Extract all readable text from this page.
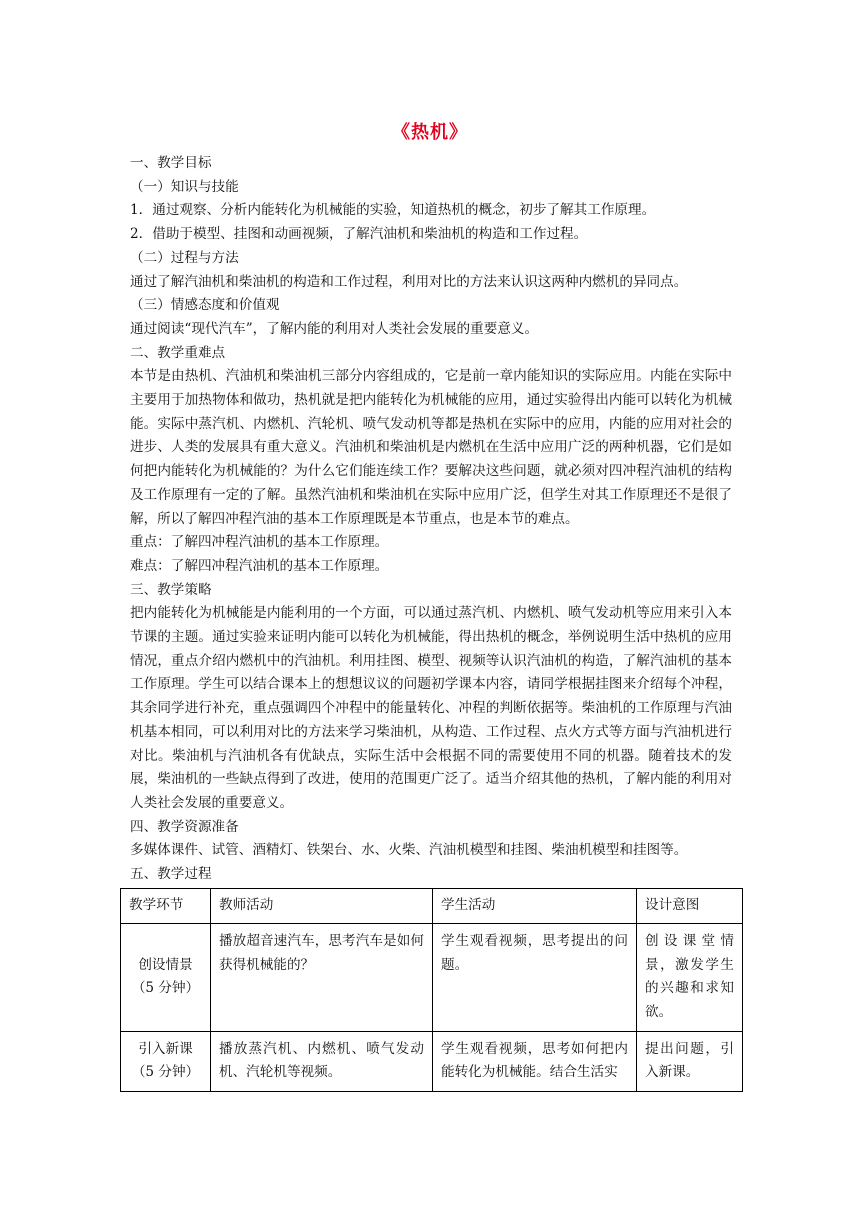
《热机》

一、教学目标

（一）知识与技能

1．通过观察、分析内能转化为机械能的实验，知道热机的概念，初步了解其工作原理。

2．借助于模型、挂图和动画视频，了解汽油机和柴油机的构造和工作过程。

（二）过程与方法

通过了解汽油机和柴油机的构造和工作过程，利用对比的方法来认识这两种内燃机的异同点。

（三）情感态度和价值观

通过阅读“现代汽车”，了解内能的利用对人类社会发展的重要意义。

二、教学重难点

本节是由热机、汽油机和柴油机三部分内容组成的，它是前一章内能知识的实际应用。内能在实际中主要用于加热物体和做功，热机就是把内能转化为机械能的应用，通过实验得出内能可以转化为机械能。实际中蒸汽机、内燃机、汽轮机、喷气发动机等都是热机在实际中的应用，内能的应用对社会的进步、人类的发展具有重大意义。汽油机和柴油机是内燃机在生活中应用广泛的两种机器，它们是如何把内能转化为机械能的？为什么它们能连续工作？要解决这些问题，就必须对四冲程汽油机的结构及工作原理有一定的了解。虽然汽油机和柴油机在实际中应用广泛，但学生对其工作原理还不是很了解，所以了解四冲程汽油的基本工作原理既是本节重点，也是本节的难点。

重点：了解四冲程汽油机的基本工作原理。

难点：了解四冲程汽油机的基本工作原理。

三、教学策略

把内能转化为机械能是内能利用的一个方面，可以通过蒸汽机、内燃机、喷气发动机等应用来引入本节课的主题。通过实验来证明内能可以转化为机械能，得出热机的概念，举例说明生活中热机的应用情况，重点介绍内燃机中的汽油机。利用挂图、模型、视频等认识汽油机的构造，了解汽油机的基本工作原理。学生可以结合课本上的想想议议的问题初学课本内容，请同学根据挂图来介绍每个冲程，其余同学进行补充，重点强调四个冲程中的能量转化、冲程的判断依据等。柴油机的工作原理与汽油机基本相同，可以利用对比的方法来学习柴油机，从构造、工作过程、点火方式等方面与汽油机进行对比。柴油机与汽油机各有优缺点，实际生活中会根据不同的需要使用不同的机器。随着技术的发展，柴油机的一些缺点得到了改进，使用的范围更广泛了。适当介绍其他的热机，了解内能的利用对人类社会发展的重要意义。

四、教学资源准备

多媒体课件、试管、酒精灯、铁架台、水、火柴、汽油机模型和挂图、柴油机模型和挂图等。

五、教学过程

教学环节	教师活动	学生活动	设计意图

创设情景
（5 分钟）	播放超音速汽车，思考汽车是如何获得机械能的？	学生观看视频，思考提出的问题。	创设课堂情景，激发学生的兴趣和求知欲。

引入新课
（5 分钟）	播放蒸汽机、内燃机、喷气发动机、汽轮机等视频。	学生观看视频，思考如何把内能转化为机械能。结合生活实	提出问题，引入新课。
